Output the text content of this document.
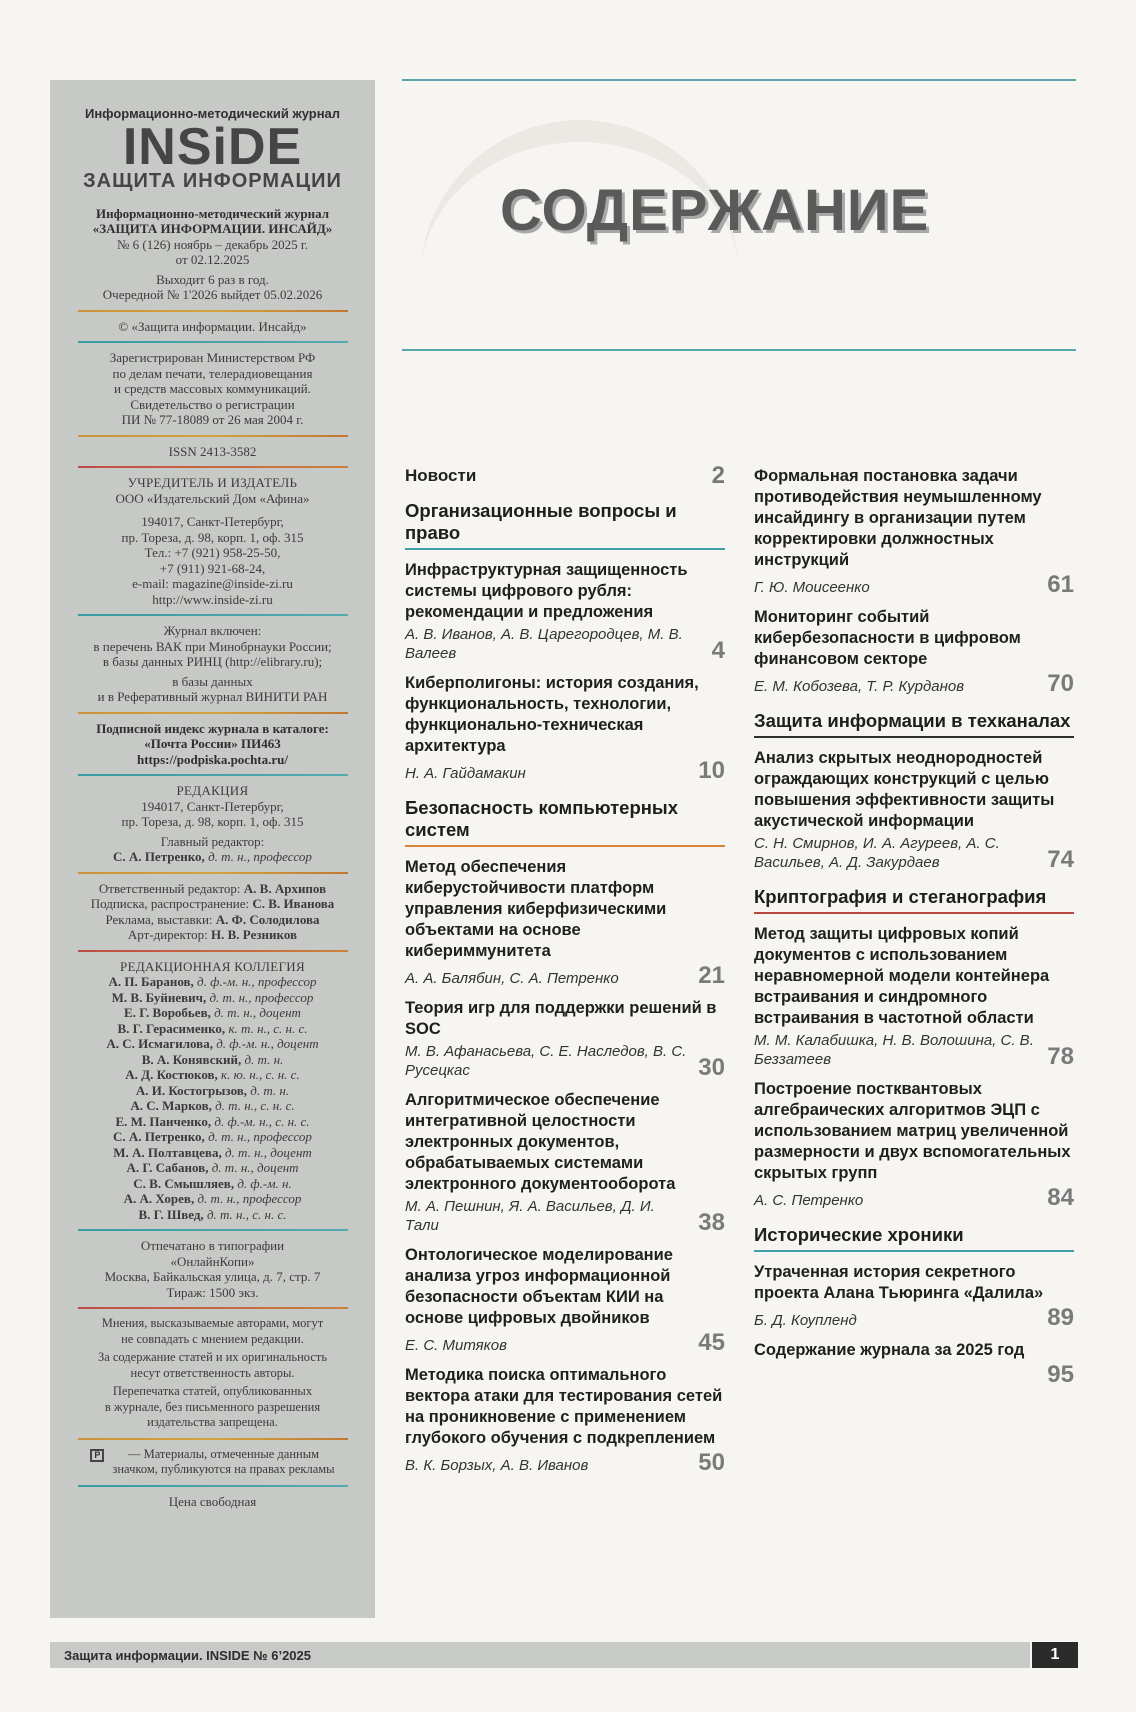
Информационно-методический журнал
INSiDE
ЗАЩИТА ИНФОРМАЦИИ
Информационно-методический журнал
«ЗАЩИТА ИНФОРМАЦИИ. ИНСАЙД»
№ 6 (126) ноябрь – декабрь 2025 г.
от 02.12.2025
Выходит 6 раз в год.
Очередной № 1'2026 выйдет 05.02.2026
© «Защита информации. Инсайд»
Зарегистрирован Министерством РФ
по делам печати, телерадиовещания
и средств массовых коммуникаций.
Свидетельство о регистрации
ПИ № 77-18089 от 26 мая 2004 г.
ISSN 2413-3582
УЧРЕДИТЕЛЬ И ИЗДАТЕЛЬ
ООО «Издательский Дом «Афина»
194017, Санкт-Петербург,
пр. Тореза, д. 98, корп. 1, оф. 315
Тел.: +7 (921) 958-25-50,
+7 (911) 921-68-24,
e-mail: magazine@inside-zi.ru
http://www.inside-zi.ru
Журнал включен:
в перечень ВАК при Минобрнауки России;
в базы данных РИНЦ (http://elibrary.ru);
в базы данных
и в Реферативный журнал ВИНИТИ РАН
Подписной индекс журнала в каталоге:
«Почта России» ПИ463
https://podpiska.pochta.ru/
РЕДАКЦИЯ
194017, Санкт-Петербург,
пр. Тореза, д. 98, корп. 1, оф. 315
Главный редактор:
С. А. Петренко, д. т. н., профессор
Ответственный редактор: А. В. Архипов
Подписка, распространение: С. В. Иванова
Реклама, выставки: А. Ф. Солодилова
Арт-директор: Н. В. Резников
РЕДАКЦИОННАЯ КОЛЛЕГИЯ
А. П. Баранов, д. ф.-м. н., профессор
М. В. Буйневич, д. т. н., профессор
Е. Г. Воробьев, д. т. н., доцент
В. Г. Герасименко, к. т. н., с. н. с.
А. С. Исмагилова, д. ф.-м. н., доцент
В. А. Конявский, д. т. н.
А. Д. Костюков, к. ю. н., с. н. с.
А. И. Костогрызов, д. т. н.
А. С. Марков, д. т. н., с. н. с.
Е. М. Панченко, д. ф.-м. н., с. н. с.
С. А. Петренко, д. т. н., профессор
М. А. Полтавцева, д. т. н., доцент
А. Г. Сабанов, д. т. н., доцент
С. В. Смышляев, д. ф.-м. н.
А. А. Хорев, д. т. н., профессор
В. Г. Швед, д. т. н., с. н. с.
Отпечатано в типографии
«ОнлайнКопи»
Москва, Байкальская улица, д. 7, стр. 7
Тираж: 1500 экз.
Мнения, высказываемые авторами, могут
не совпадать с мнением редакции.
За содержание статей и их оригинальность
несут ответственность авторы.
Перепечатка статей, опубликованных
в журнале, без письменного разрешения
издательства запрещена.
P	— Материалы, отмеченные данным
значком, публикуются на правах рекламы
Цена свободная
СОДЕРЖАНИЕ
Новости	2
Организационные вопросы и право
Инфраструктурная защищенность системы цифрового рубля: рекомендации и предложения
А. В. Иванов, А. В. Царегородцев, М. В. Валеев	4
Киберполигоны: история создания, функциональность, технологии, функционально-техническая архитектура
Н. А. Гайдамакин	10
Безопасность компьютерных систем
Метод обеспечения киберустойчивости платформ управления киберфизическими объектами на основе кибериммунитета
А. А. Балябин, С. А. Петренко	21
Теория игр для поддержки решений в SOC
М. В. Афанасьева, С. Е. Наследов, В. С. Русецкас	30
Алгоритмическое обеспечение интегративной целостности электронных документов, обрабатываемых системами электронного документооборота
М. А. Пешнин, Я. А. Васильев, Д. И. Тали	38
Онтологическое моделирование анализа угроз информационной безопасности объектам КИИ на основе цифровых двойников
Е. С. Митяков	45
Методика поиска оптимального вектора атаки для тестирования сетей на проникновение с применением глубокого обучения с подкреплением
В. К. Борзых, А. В. Иванов	50
Формальная постановка задачи противодействия неумышленному инсайдингу в организации путем корректировки должностных инструкций
Г. Ю. Моисеенко	61
Мониторинг событий кибербезопасности в цифровом финансовом секторе
Е. М. Кобозева, Т. Р. Курданов	70
Защита информации в техканалах
Анализ скрытых неоднородностей ограждающих конструкций с целью повышения эффективности защиты акустической информации
С. Н. Смирнов, И. А. Агуреев, А. С. Васильев, А. Д. Закурдаев	74
Криптография и стеганография
Метод защиты цифровых копий документов с использованием неравномерной модели контейнера встраивания и синдромного встраивания в частотной области
М. М. Калабишка, Н. В. Волошина, С. В. Беззатеев	78
Построение постквантовых алгебраических алгоритмов ЭЦП с использованием матриц увеличенной размерности и двух вспомогательных скрытых групп
А. С. Петренко	84
Исторические хроники
Утраченная история секретного проекта Алана Тьюринга «Далила»
Б. Д. Коупленд	89
Содержание журнала за 2025 год
95
Защита информации. INSIDE № 6’2025	1
